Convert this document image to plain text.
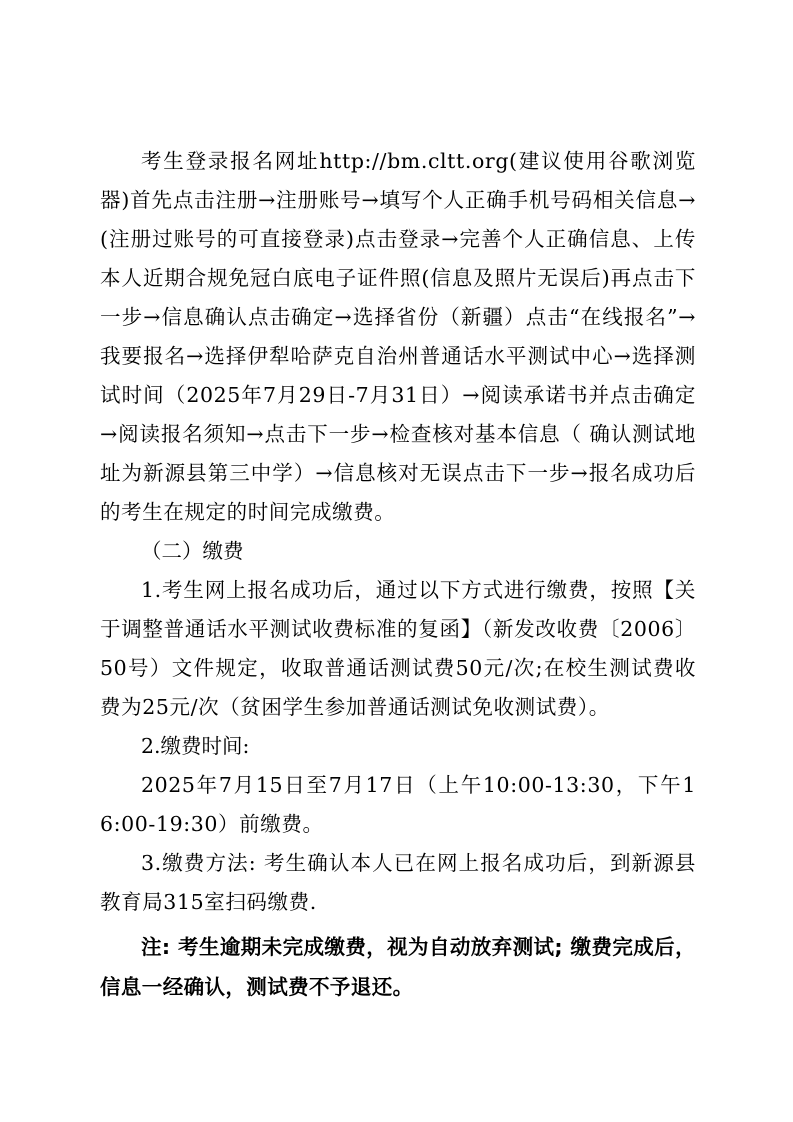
考生登录报名网址http://bm.cltt.org(建议使用谷歌浏览器)首先点击注册→注册账号→填写个人正确手机号码相关信息→(注册过账号的可直接登录)点击登录→完善个人正确信息、上传本人近期合规免冠白底电子证件照(信息及照片无误后)再点击下一步→信息确认点击确定→选择省份（新疆）点击“在线报名”→我要报名→选择伊犁哈萨克自治州普通话水平测试中心→选择测试时间（2025年7月29日-7月31日）→阅读承诺书并点击确定→阅读报名须知→点击下一步→检查核对基本信息（ 确认测试地址为新源县第三中学）→信息核对无误点击下一步→报名成功后的考生在规定的时间完成缴费。

（二）缴费

1.考生网上报名成功后，通过以下方式进行缴费，按照【关于调整普通话水平测试收费标准的复函】（新发改收费〔2006〕50号）文件规定，收取普通话测试费50元/次;在校生测试费收费为25元/次（贫困学生参加普通话测试免收测试费）。

2.缴费时间:

2025年7月15日至7月17日（上午10:00-13:30，下午16:00-19:30）前缴费。

3.缴费方法: 考生确认本人已在网上报名成功后，到新源县教育局315室扫码缴费.

注: 考生逾期未完成缴费，视为自动放弃测试; 缴费完成后，信息一经确认，测试费不予退还。
